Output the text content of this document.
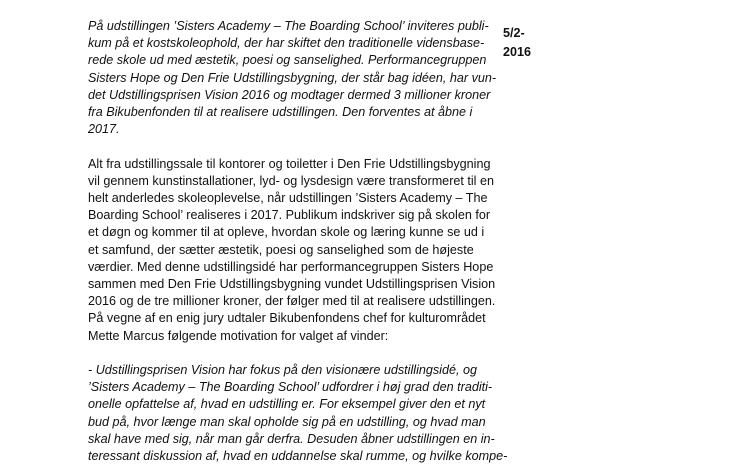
På udstillingen ’Sisters Academy – The Boarding School’ inviteres publi-
kum på et kostskoleophold, der har skiftet den traditionelle vidensbase-
rede skole ud med æstetik, poesi og sanselighed. Performancegruppen
Sisters Hope og Den Frie Udstillingsbygning, der står bag idéen, har vun-
det Udstillingsprisen Vision 2016 og modtager dermed 3 millioner kroner
fra Bikubenfonden til at realisere udstillingen. Den forventes at åbne i
2017.
Alt fra udstillingssale til kontorer og toiletter i Den Frie Udstillingsbygning
vil gennem kunstinstallationer, lyd- og lysdesign være transformeret til en
helt anderledes skoleoplevelse, når udstillingen ’Sisters Academy – The
Boarding School’ realiseres i 2017. Publikum indskriver sig på skolen for
et døgn og kommer til at opleve, hvordan skole og læring kunne se ud i
et samfund, der sætter æstetik, poesi og sanselighed som de højeste
værdier. Med denne udstillingsidé har performancegruppen Sisters Hope
sammen med Den Frie Udstillingsbygning vundet Udstillingsprisen Vision
2016 og de tre millioner kroner, der følger med til at realisere udstillingen.
På vegne af en enig jury udtaler Bikubenfondens chef for kulturområdet
Mette Marcus følgende motivation for valget af vinder:
- Udstillingsprisen Vision har fokus på den visionære udstillingsidé, og
’Sisters Academy – The Boarding School’ udfordrer i høj grad den traditi-
onelle opfattelse af, hvad en udstilling er. For eksempel giver den et nyt
bud på, hvor længe man skal opholde sig på en udstilling, og hvad man
skal have med sig, når man går derfra. Desuden åbner udstillingen en in-
teressant diskussion af, hvad en uddannelse skal rumme, og hvilke kompe-
5/2-
2016
